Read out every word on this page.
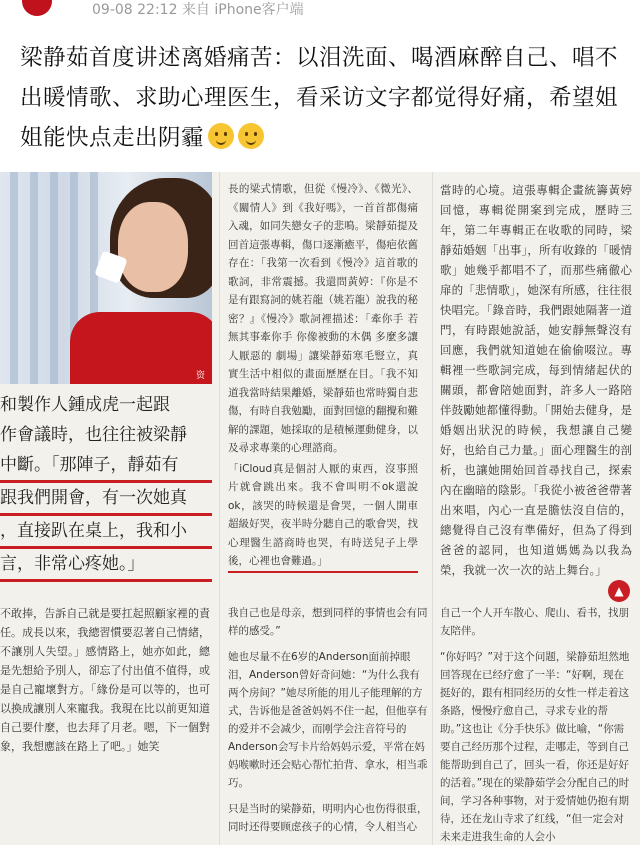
09-08 22:12 来自 iPhone客户端
梁静茹首度讲述离婚痛苦：以泪洗面、喝酒麻醉自己、唱不出暖情歌、求助心理医生，看采访文字都觉得好痛，希望姐姐能快点走出阴霾
资
和製作人鍾成虎一起跟
作會議時，也往往被梁靜
中斷。「那陣子，靜茹有
跟我們開會，有一次她真
，直接趴在桌上，我和小
言，非常心疼她。」
長的梁式情歌，但從《慢冷》、《微光》、《關情人》到《我好嗎》，一首首都傷痛入魂，如同失戀女子的悲鳴。梁靜茹提及回首這張專輯，傷口逐漸癒平，傷疤依舊存在：「我第一次看到《慢冷》這首歌的歌詞，非常震撼。我還問黃婷：『你是不是有跟寫詞的姚若龍（姚若龍）說我的秘密？』《慢冷》歌詞裡描述：「牽你手 若無其事牽你手 你像被動的木偶 多麼多讓人厭惡的 劇場」讓梁靜茹寒毛豎立，真實生活中相似的畫面歷歷在目。「我不知道我當時結果離婚，梁靜茹也常時獨自悲傷，有時自我勉勵，面對回憶的翻攪和難解的課題，她採取的是積極運動健身，以及尋求專業的心理諮商。
「iCloud真是個討人厭的東西，沒事照片就會跳出來。我不會叫明不ok還說ok，該哭的時候還是會哭，一個人開車超級好哭，夜半時分聽自己的歌會哭，找心理醫生諮商時也哭，有時送兒子上學後，心裡也會難過。」
當時的心境。這張專輯企畫統籌黃婷回憶，專輯從開案到完成，歷時三年，第二年專輯正在收歌的同時，梁靜茹婚姻「出事」，所有收錄的「暖情歌」她幾乎都唱不了，而那些痛徹心扉的「悲情歌」，她深有所感，往往很快唱完。「錄音時，我們跟她隔著一道門，有時跟她說話，她安靜無聲沒有回應，我們就知道她在偷偷啜泣。專輯裡一些歌詞完成，每到情緒起伏的關頭，都會陪她面對，許多人一路陪伴鼓勵她都懂得動。「開始去健身，是婚姻出狀況的時候，我想讓自己變好，也給自己力量。」面心理醫生的剖析，也讓她開始回首尋找自己，探索內在幽暗的陰影。「我從小被爸爸帶著出來唱，內心一直是膽怯沒自信的，總覺得自己沒有準備好，但為了得到爸爸的認同，也知道媽媽為以我為榮，我就一次一次的站上舞台。」
不敢捧，告訴自己就是要扛起照顧家裡的責任。成長以來，我總習慣要忍著自己情緒，不讓別人失望。」感情路上，她亦如此，總是先想給予別人，卻忘了付出值不值得，或是自己寵壞對方。「緣份是可以等的，也可以換成讓別人來寵我。我現在比以前更知道自己要什麼，也去拜了月老。嗯，下一個對象，我想應該在路上了吧。」她笑
我自己也是母亲，想到同样的事情也会有同样的感受。”
她也尽量不在6岁的Anderson面前掉眼泪，Anderson曾好奇问她：“为什么我有两个房间？”她尽所能的用儿子能理解的方式，告诉他是爸爸妈妈不住一起，但他享有的爱并不会减少，而刚学会注音符号的Anderson会写卡片给妈妈示爱，平常在妈妈喉嗽时还会贴心帮忙拍背、拿水，相当乖巧。
只是当时的梁静茹，明明内心也伤得很重，同时还得要顾虑孩子的心情，令人相当心
自己一个人开车散心、爬山、看书，找朋友陪伴。
“你好吗？”对于这个问题，梁静茹坦然地回答现在已经疗愈了一半：“好啊，现在挺好的，跟有相同经历的女性一样走着这条路，慢慢疗愈自己，寻求专业的帮助。”这也让《分手快乐》做比喻，“你需要自己经历那个过程，走哪走，等到自己能帮助到自己了，回头一看，你还是好好的活着。”现在的梁静茹学会分配自己的时间，学习各种事物，对于爱情她仍抱有期待，还在龙山寺求了红线，“但一定会对未来走进我生命的人会小
▲
